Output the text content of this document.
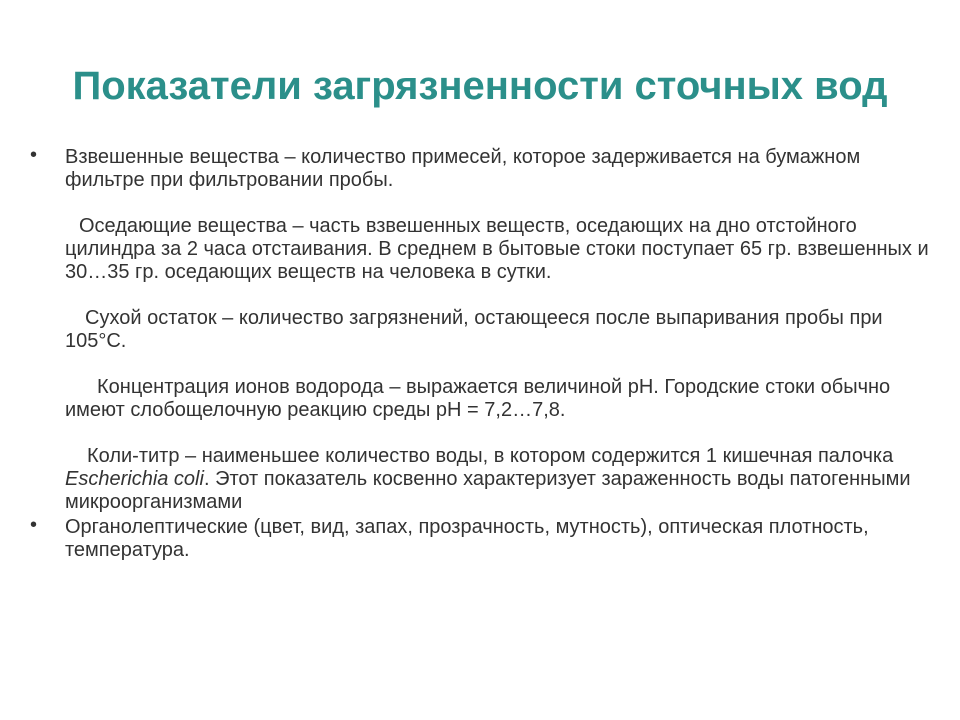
Показатели загрязненности сточных вод
• Взвешенные вещества – количество примесей, которое задерживается на бумажном фильтре при фильтровании пробы.

Оседающие вещества – часть взвешенных веществ, оседающих на дно отстойного цилиндра за 2 часа отстаивания. В среднем в бытовые стоки поступает 65 гр. взвешенных и 30…35 гр. оседающих веществ на человека в сутки.

Сухой остаток – количество загрязнений, остающееся после выпаривания пробы при 105°С.

Концентрация ионов водорода – выражается величиной рН. Городские стоки обычно имеют слобощелочную реакцию среды рН = 7,2…7,8.

Коли-титр – наименьшее количество воды, в котором содержится 1 кишечная палочка Escherichia coli. Этот показатель косвенно характеризует зараженность воды патогенными микроорганизмами

• Органолептические (цвет, вид, запах, прозрачность, мутность), оптическая плотность, температура.
